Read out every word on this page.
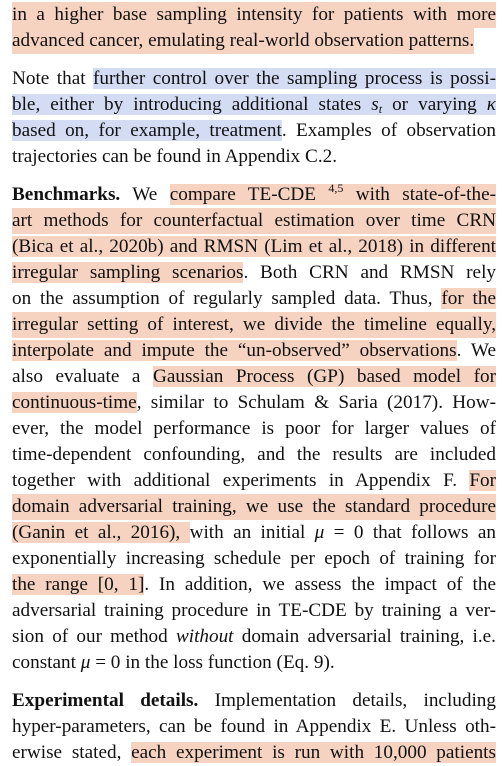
in a higher base sampling intensity for patients with more
advanced cancer, emulating real-world observation patterns.
Note that further control over the sampling process is possi-
ble, either by introducing additional states $s_t$ or varying κ
based on, for example, treatment. Examples of observation
trajectories can be found in Appendix C.2.
Benchmarks. We compare TE-CDE $^{4,5}$ with state-of-the-
art methods for counterfactual estimation over time CRN
(Bica et al., 2020b) and RMSN (Lim et al., 2018) in different
irregular sampling scenarios. Both CRN and RMSN rely
on the assumption of regularly sampled data. Thus, for the
irregular setting of interest, we divide the timeline equally,
interpolate and impute the “un-observed” observations. We
also evaluate a Gaussian Process (GP) based model for
continuous-time, similar to Schulam & Saria (2017). How-
ever, the model performance is poor for larger values of
time-dependent confounding, and the results are included
together with additional experiments in Appendix F. For
domain adversarial training, we use the standard procedure
(Ganin et al., 2016), with an initial μ = 0 that follows an
exponentially increasing schedule per epoch of training for
the range [0, 1]. In addition, we assess the impact of the
adversarial training procedure in TE-CDE by training a ver-
sion of our method without domain adversarial training, i.e.
constant μ = 0 in the loss function (Eq. 9).
Experimental details. Implementation details, including
hyper-parameters, can be found in Appendix E. Unless oth-
erwise stated, each experiment is run with 10,000 patients
